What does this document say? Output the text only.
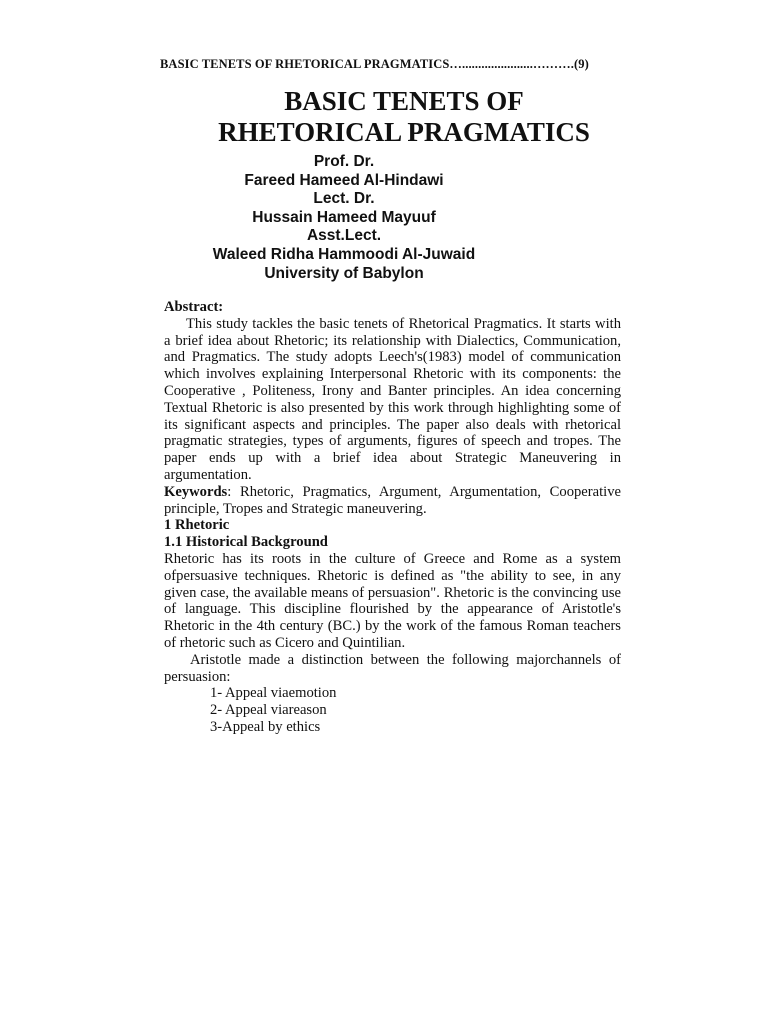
BASIC TENETS OF RHETORICAL PRAGMATICS…......................……….(9)
BASIC TENETS OF
RHETORICAL PRAGMATICS
Prof. Dr.
Fareed Hameed Al-Hindawi
Lect. Dr.
Hussain Hameed Mayuuf
Asst.Lect.
Waleed Ridha Hammoodi Al-Juwaid
University of Babylon

Abstract:

This study tackles the basic tenets of Rhetorical Pragmatics. It starts with a brief idea about Rhetoric; its relationship with Dialectics, Communication, and Pragmatics. The study adopts Leech's(1983) model of communication which involves explaining Interpersonal Rhetoric with its components: the Cooperative , Politeness, Irony and Banter principles. An idea concerning Textual Rhetoric is also presented by this work through highlighting some of its significant aspects and principles. The paper also deals with rhetorical pragmatic strategies, types of arguments, figures of speech and tropes. The paper ends up with a brief idea about Strategic Maneuvering in argumentation.

Keywords: Rhetoric, Pragmatics, Argument, Argumentation, Cooperative principle, Tropes and Strategic maneuvering.

1 Rhetoric

1.1 Historical Background

Rhetoric has its roots in the culture of Greece and Rome as a system ofpersuasive techniques. Rhetoric is defined as "the ability to see, in any given case, the available means of persuasion". Rhetoric is the convincing use of language. This discipline flourished by the appearance of Aristotle's Rhetoric in the 4th century (BC.) by the work of the famous Roman teachers of rhetoric such as Cicero and Quintilian.

Aristotle made a distinction between the following majorchannels of persuasion:

1- Appeal viaemotion

2- Appeal viareason

3-Appeal by ethics
